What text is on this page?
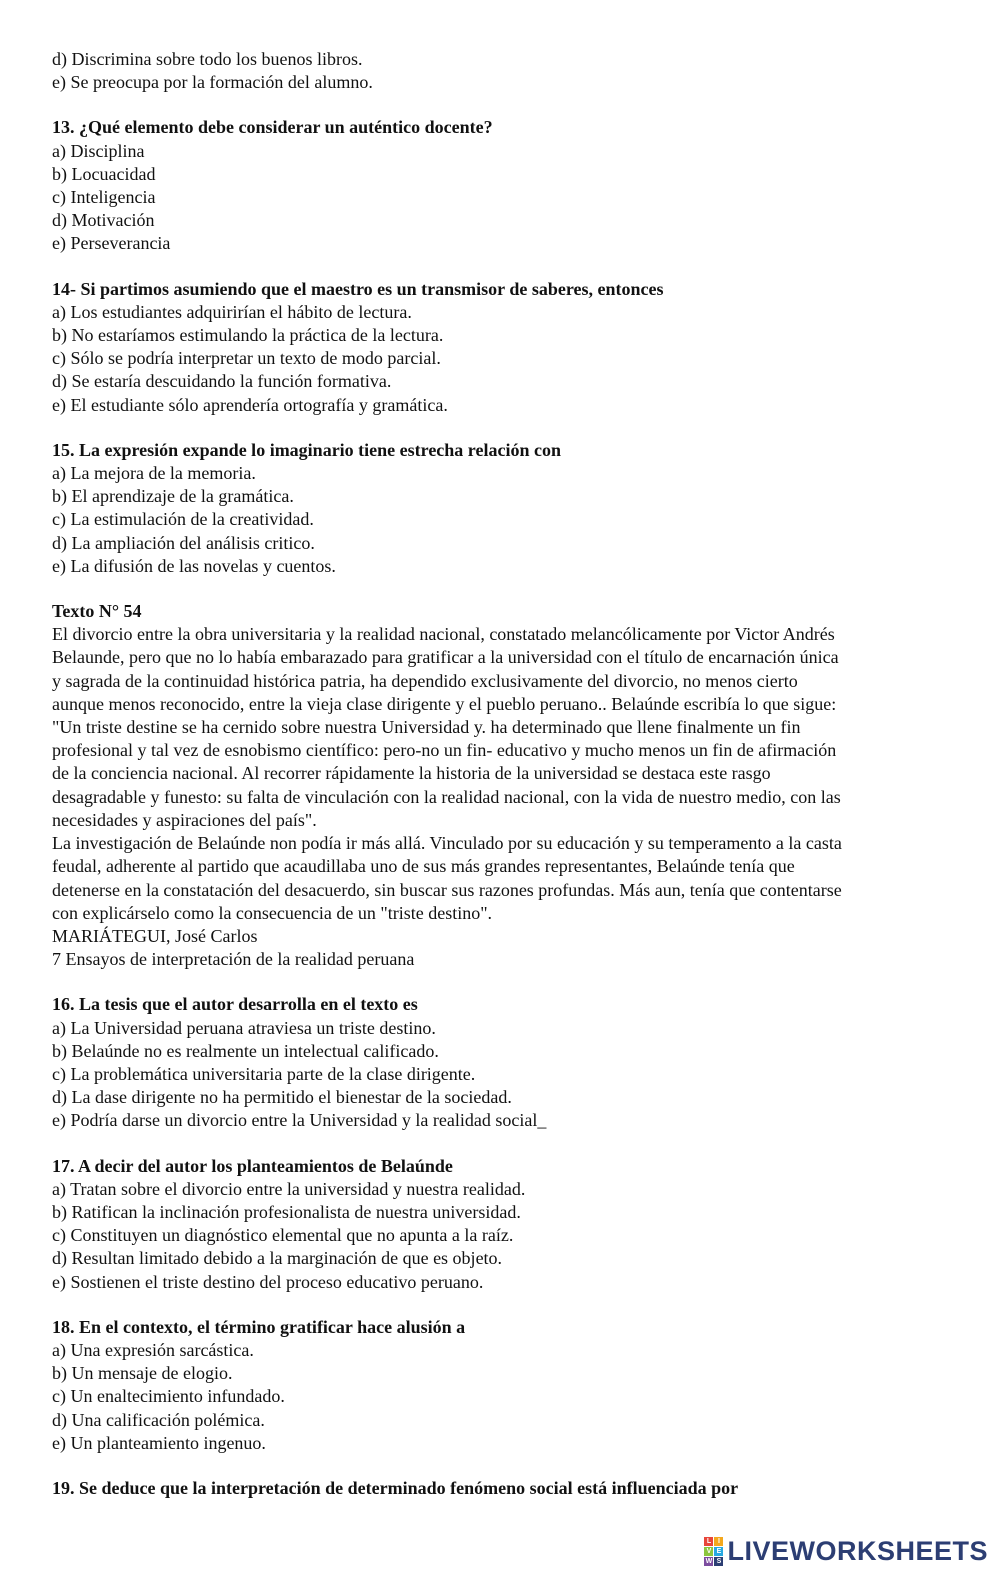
d) Discrimina sobre todo los buenos libros.

e) Se preocupa por la formación del alumno.

13. ¿Qué elemento debe considerar un auténtico docente?

a) Disciplina

b) Locuacidad

c) Inteligencia

d) Motivación

e) Perseverancia

14- Si partimos asumiendo que el maestro es un transmisor de saberes, entonces

a) Los estudiantes adquirirían el hábito de lectura.

b) No estaríamos estimulando la práctica de la lectura.

c) Sólo se podría interpretar un texto de modo parcial.

d) Se estaría descuidando la función formativa.

e) El estudiante sólo aprendería ortografía y gramática.

15. La expresión expande lo imaginario tiene estrecha relación con

a) La mejora de la memoria.

b) El aprendizaje de la gramática.

c) La estimulación de la creatividad.

d) La ampliación del análisis critico.

e) La difusión de las novelas y cuentos.

Texto N° 54

El divorcio entre la obra universitaria y la realidad nacional, constatado melancólicamente por Victor Andrés

Belaunde, pero que no lo había embarazado para gratificar a la universidad con el título de encarnación única

y sagrada de la continuidad histórica patria, ha dependido exclusivamente del divorcio, no menos cierto

aunque menos reconocido, entre la vieja clase dirigente y el pueblo peruano.. Belaúnde escribía lo que sigue:

"Un triste destine se ha cernido sobre nuestra Universidad y. ha determinado que llene finalmente un fin

profesional y tal vez de esnobismo científico: pero-no un fin- educativo y mucho menos un fin de afirmación

de la conciencia nacional. Al recorrer rápidamente la historia de la universidad se destaca este rasgo

desagradable y funesto: su falta de vinculación con la realidad nacional, con la vida de nuestro medio, con las

necesidades y aspiraciones del país".

La investigación de Belaúnde non podía ir más allá. Vinculado por su educación y su temperamento a la casta

feudal, adherente al partido que acaudillaba uno de sus más grandes representantes, Belaúnde tenía que

detenerse en la constatación del desacuerdo, sin buscar sus razones profundas. Más aun, tenía que contentarse

con explicárselo como la consecuencia de un "triste destino".

MARIÁTEGUI, José Carlos

7 Ensayos de interpretación de la realidad peruana

16. La tesis que el autor desarrolla en el texto es

a) La Universidad peruana atraviesa un triste destino.

b) Belaúnde no es realmente un intelectual calificado.

c) La problemática universitaria parte de la clase dirigente.

d) La dase dirigente no ha permitido el bienestar de la sociedad.

e) Podría darse un divorcio entre la Universidad y la realidad social_

17. A decir del autor los planteamientos de Belaúnde

a) Tratan sobre el divorcio entre la universidad y nuestra realidad.

b) Ratifican la inclinación profesionalista de nuestra universidad.

c) Constituyen un diagnóstico elemental que no apunta a la raíz.

d) Resultan limitado debido a la marginación de que es objeto.

e) Sostienen el triste destino del proceso educativo peruano.

18. En el contexto, el término gratificar hace alusión a

a) Una expresión sarcástica.

b) Un mensaje de elogio.

c) Un enaltecimiento infundado.

d) Una calificación polémica.

e) Un planteamiento ingenuo.

19. Se deduce que la interpretación de determinado fenómeno social está influenciada por

L I
V E
W S LIVEWORKSHEETS
